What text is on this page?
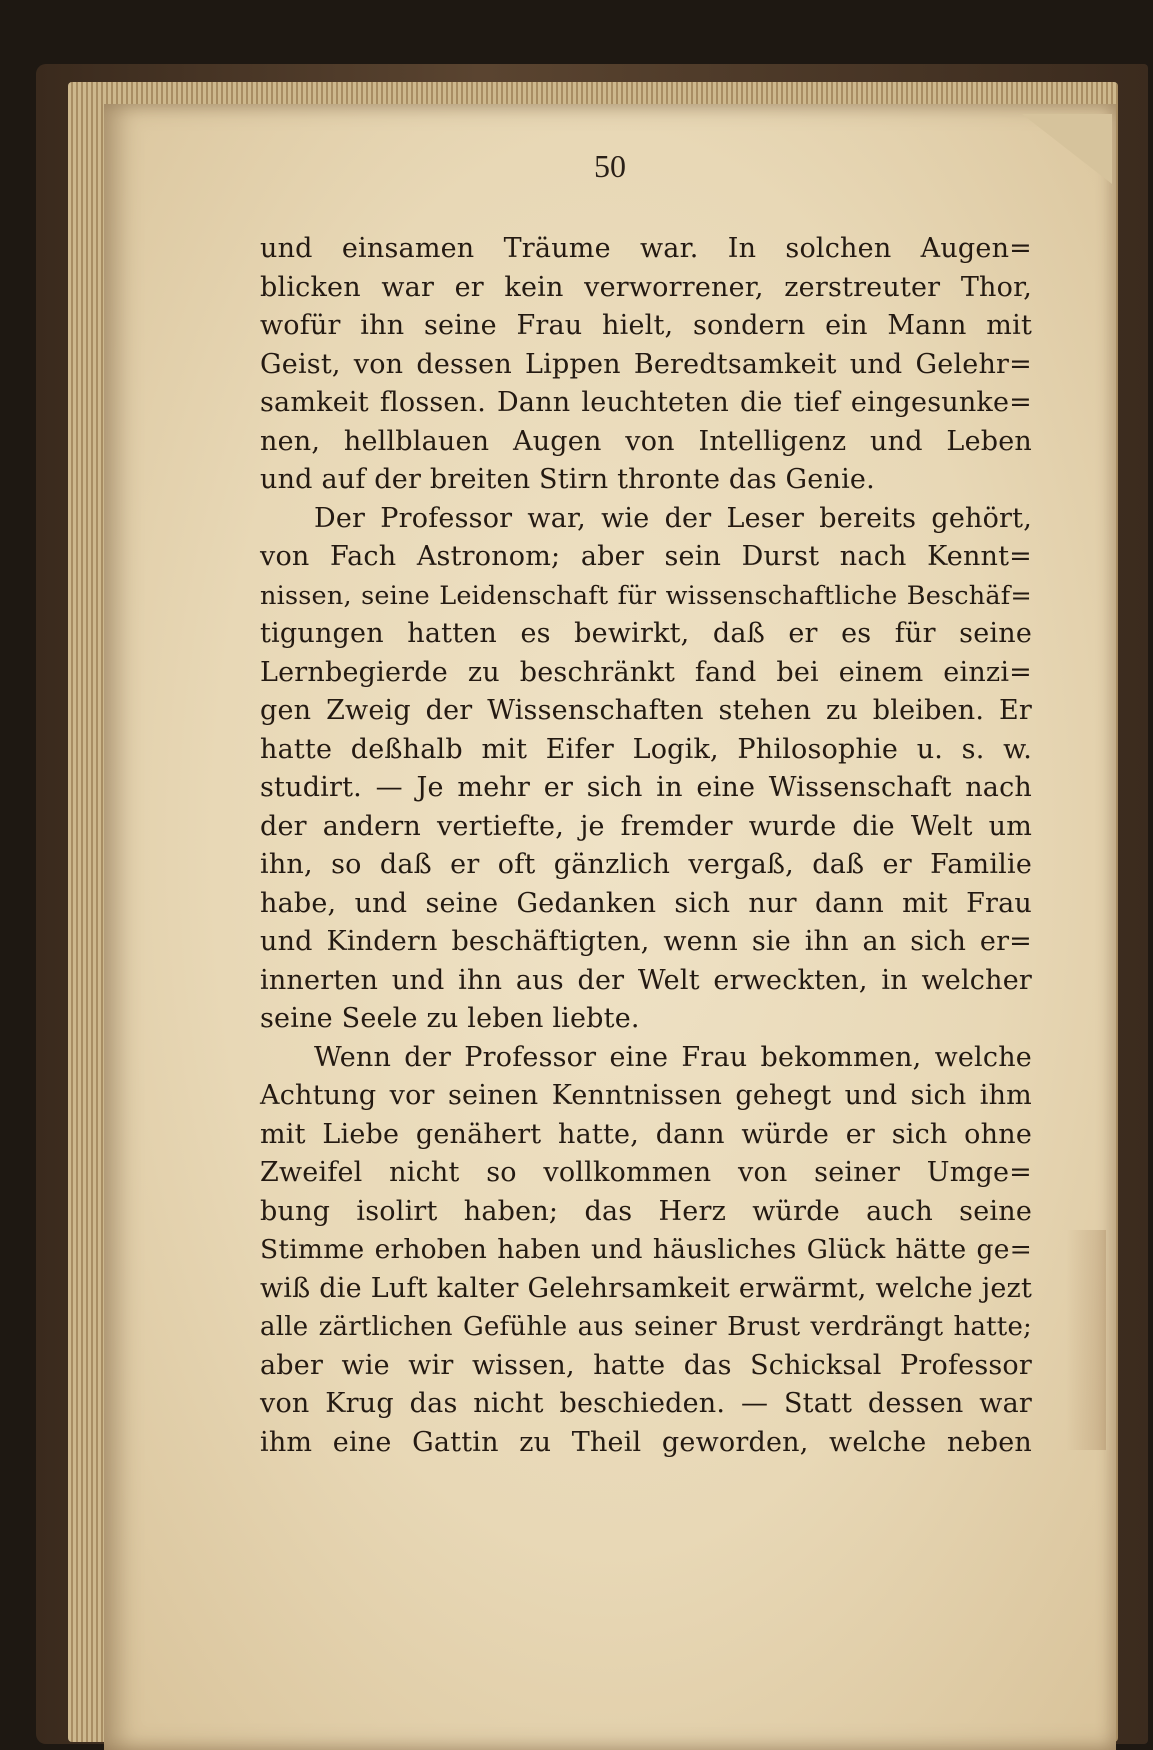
50
und einsamen Träume war. In solchen Augen=
blicken war er kein verworrener, zerstreuter Thor,
wofür ihn seine Frau hielt, sondern ein Mann mit
Geist, von dessen Lippen Beredtsamkeit und Gelehr=
samkeit flossen. Dann leuchteten die tief eingesunke=
nen, hellblauen Augen von Intelligenz und Leben
und auf der breiten Stirn thronte das Genie.
Der Professor war, wie der Leser bereits gehört,
von Fach Astronom; aber sein Durst nach Kennt=
nissen, seine Leidenschaft für wissenschaftliche Beschäf=
tigungen hatten es bewirkt, daß er es für seine
Lernbegierde zu beschränkt fand bei einem einzi=
gen Zweig der Wissenschaften stehen zu bleiben. Er
hatte deßhalb mit Eifer Logik, Philosophie u. s. w.
studirt. — Je mehr er sich in eine Wissenschaft nach
der andern vertiefte, je fremder wurde die Welt um
ihn, so daß er oft gänzlich vergaß, daß er Familie
habe, und seine Gedanken sich nur dann mit Frau
und Kindern beschäftigten, wenn sie ihn an sich er=
innerten und ihn aus der Welt erweckten, in welcher
seine Seele zu leben liebte.
Wenn der Professor eine Frau bekommen, welche
Achtung vor seinen Kenntnissen gehegt und sich ihm
mit Liebe genähert hatte, dann würde er sich ohne
Zweifel nicht so vollkommen von seiner Umge=
bung isolirt haben; das Herz würde auch seine
Stimme erhoben haben und häusliches Glück hätte ge=
wiß die Luft kalter Gelehrsamkeit erwärmt, welche jezt
alle zärtlichen Gefühle aus seiner Brust verdrängt hatte;
aber wie wir wissen, hatte das Schicksal Professor
von Krug das nicht beschieden. — Statt dessen war
ihm eine Gattin zu Theil geworden, welche neben
